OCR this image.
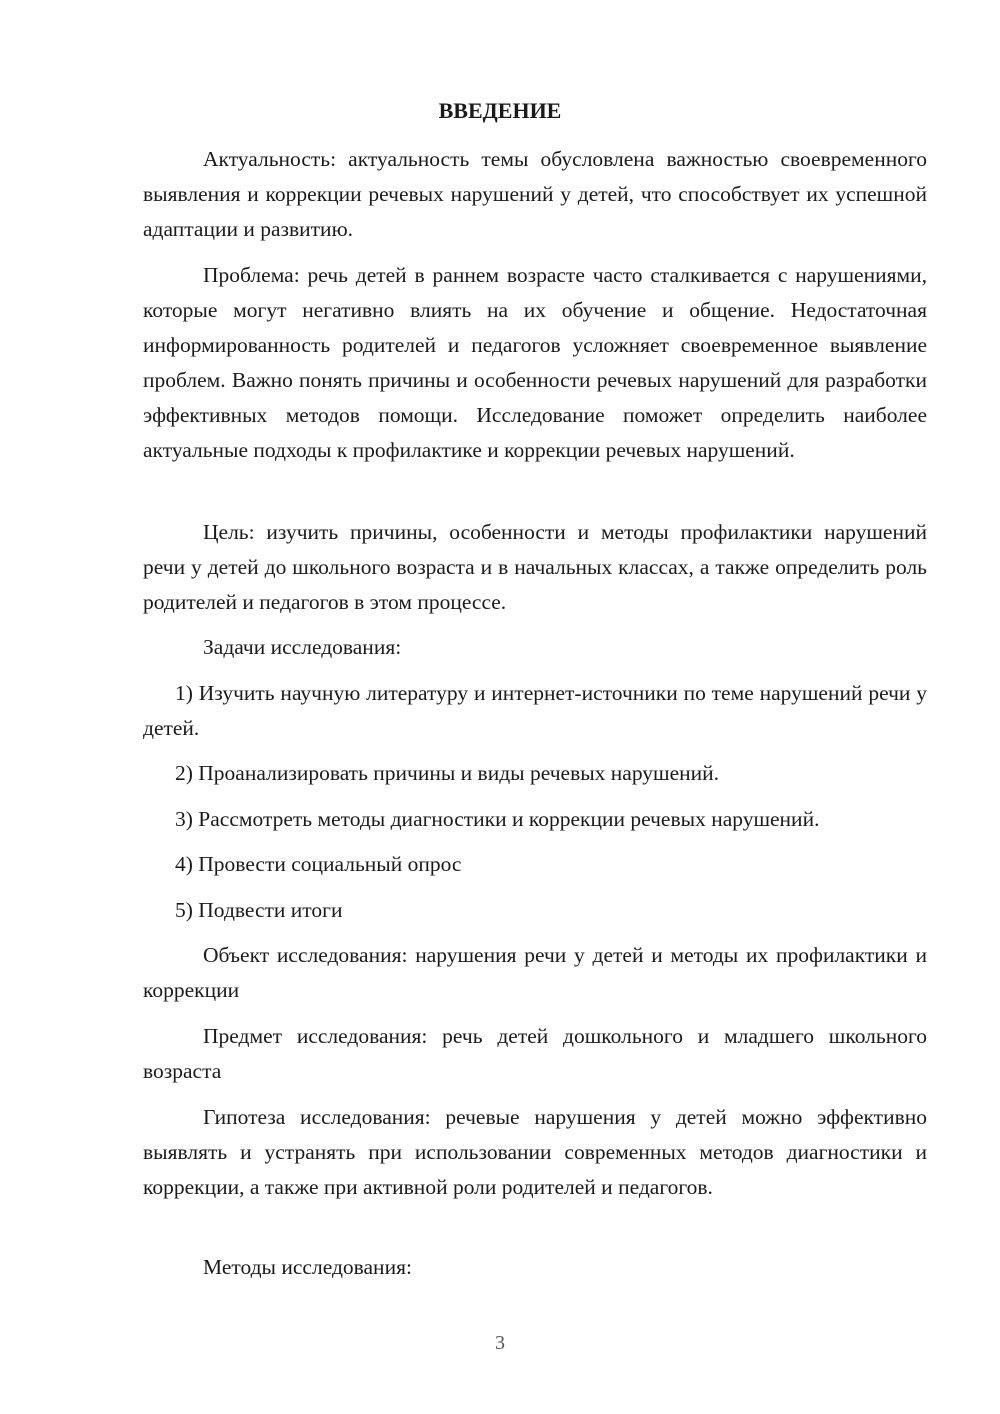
ВВЕДЕНИЕ

Актуальность: актуальность темы обусловлена важностью своевременного выявления и коррекции речевых нарушений у детей, что способствует их успешной адаптации и развитию.

Проблема: речь детей в раннем возрасте часто сталкивается с нарушениями, которые могут негативно влиять на их обучение и общение. Недостаточная информированность родителей и педагогов усложняет своевременное выявление проблем. Важно понять причины и особенности речевых нарушений для разработки эффективных методов помощи. Исследование поможет определить наиболее актуальные подходы к профилактике и коррекции речевых нарушений.

Цель: изучить причины, особенности и методы профилактики нарушений речи у детей до школьного возраста и в начальных классах, а также определить роль родителей и педагогов в этом процессе.

Задачи исследования:

1) Изучить научную литературу и интернет-источники по теме нарушений речи у детей.

2) Проанализировать причины и виды речевых нарушений.
3) Рассмотреть методы диагностики и коррекции речевых нарушений.
4) Провести социальный опрос
5) Подвести итоги

Объект исследования: нарушения речи у детей и методы их профилактики и коррекции

Предмет исследования: речь детей дошкольного и младшего школьного возраста

Гипотеза исследования: речевые нарушения у детей можно эффективно выявлять и устранять при использовании современных методов диагностики и коррекции, а также при активной роли родителей и педагогов.

Методы исследования:

3
